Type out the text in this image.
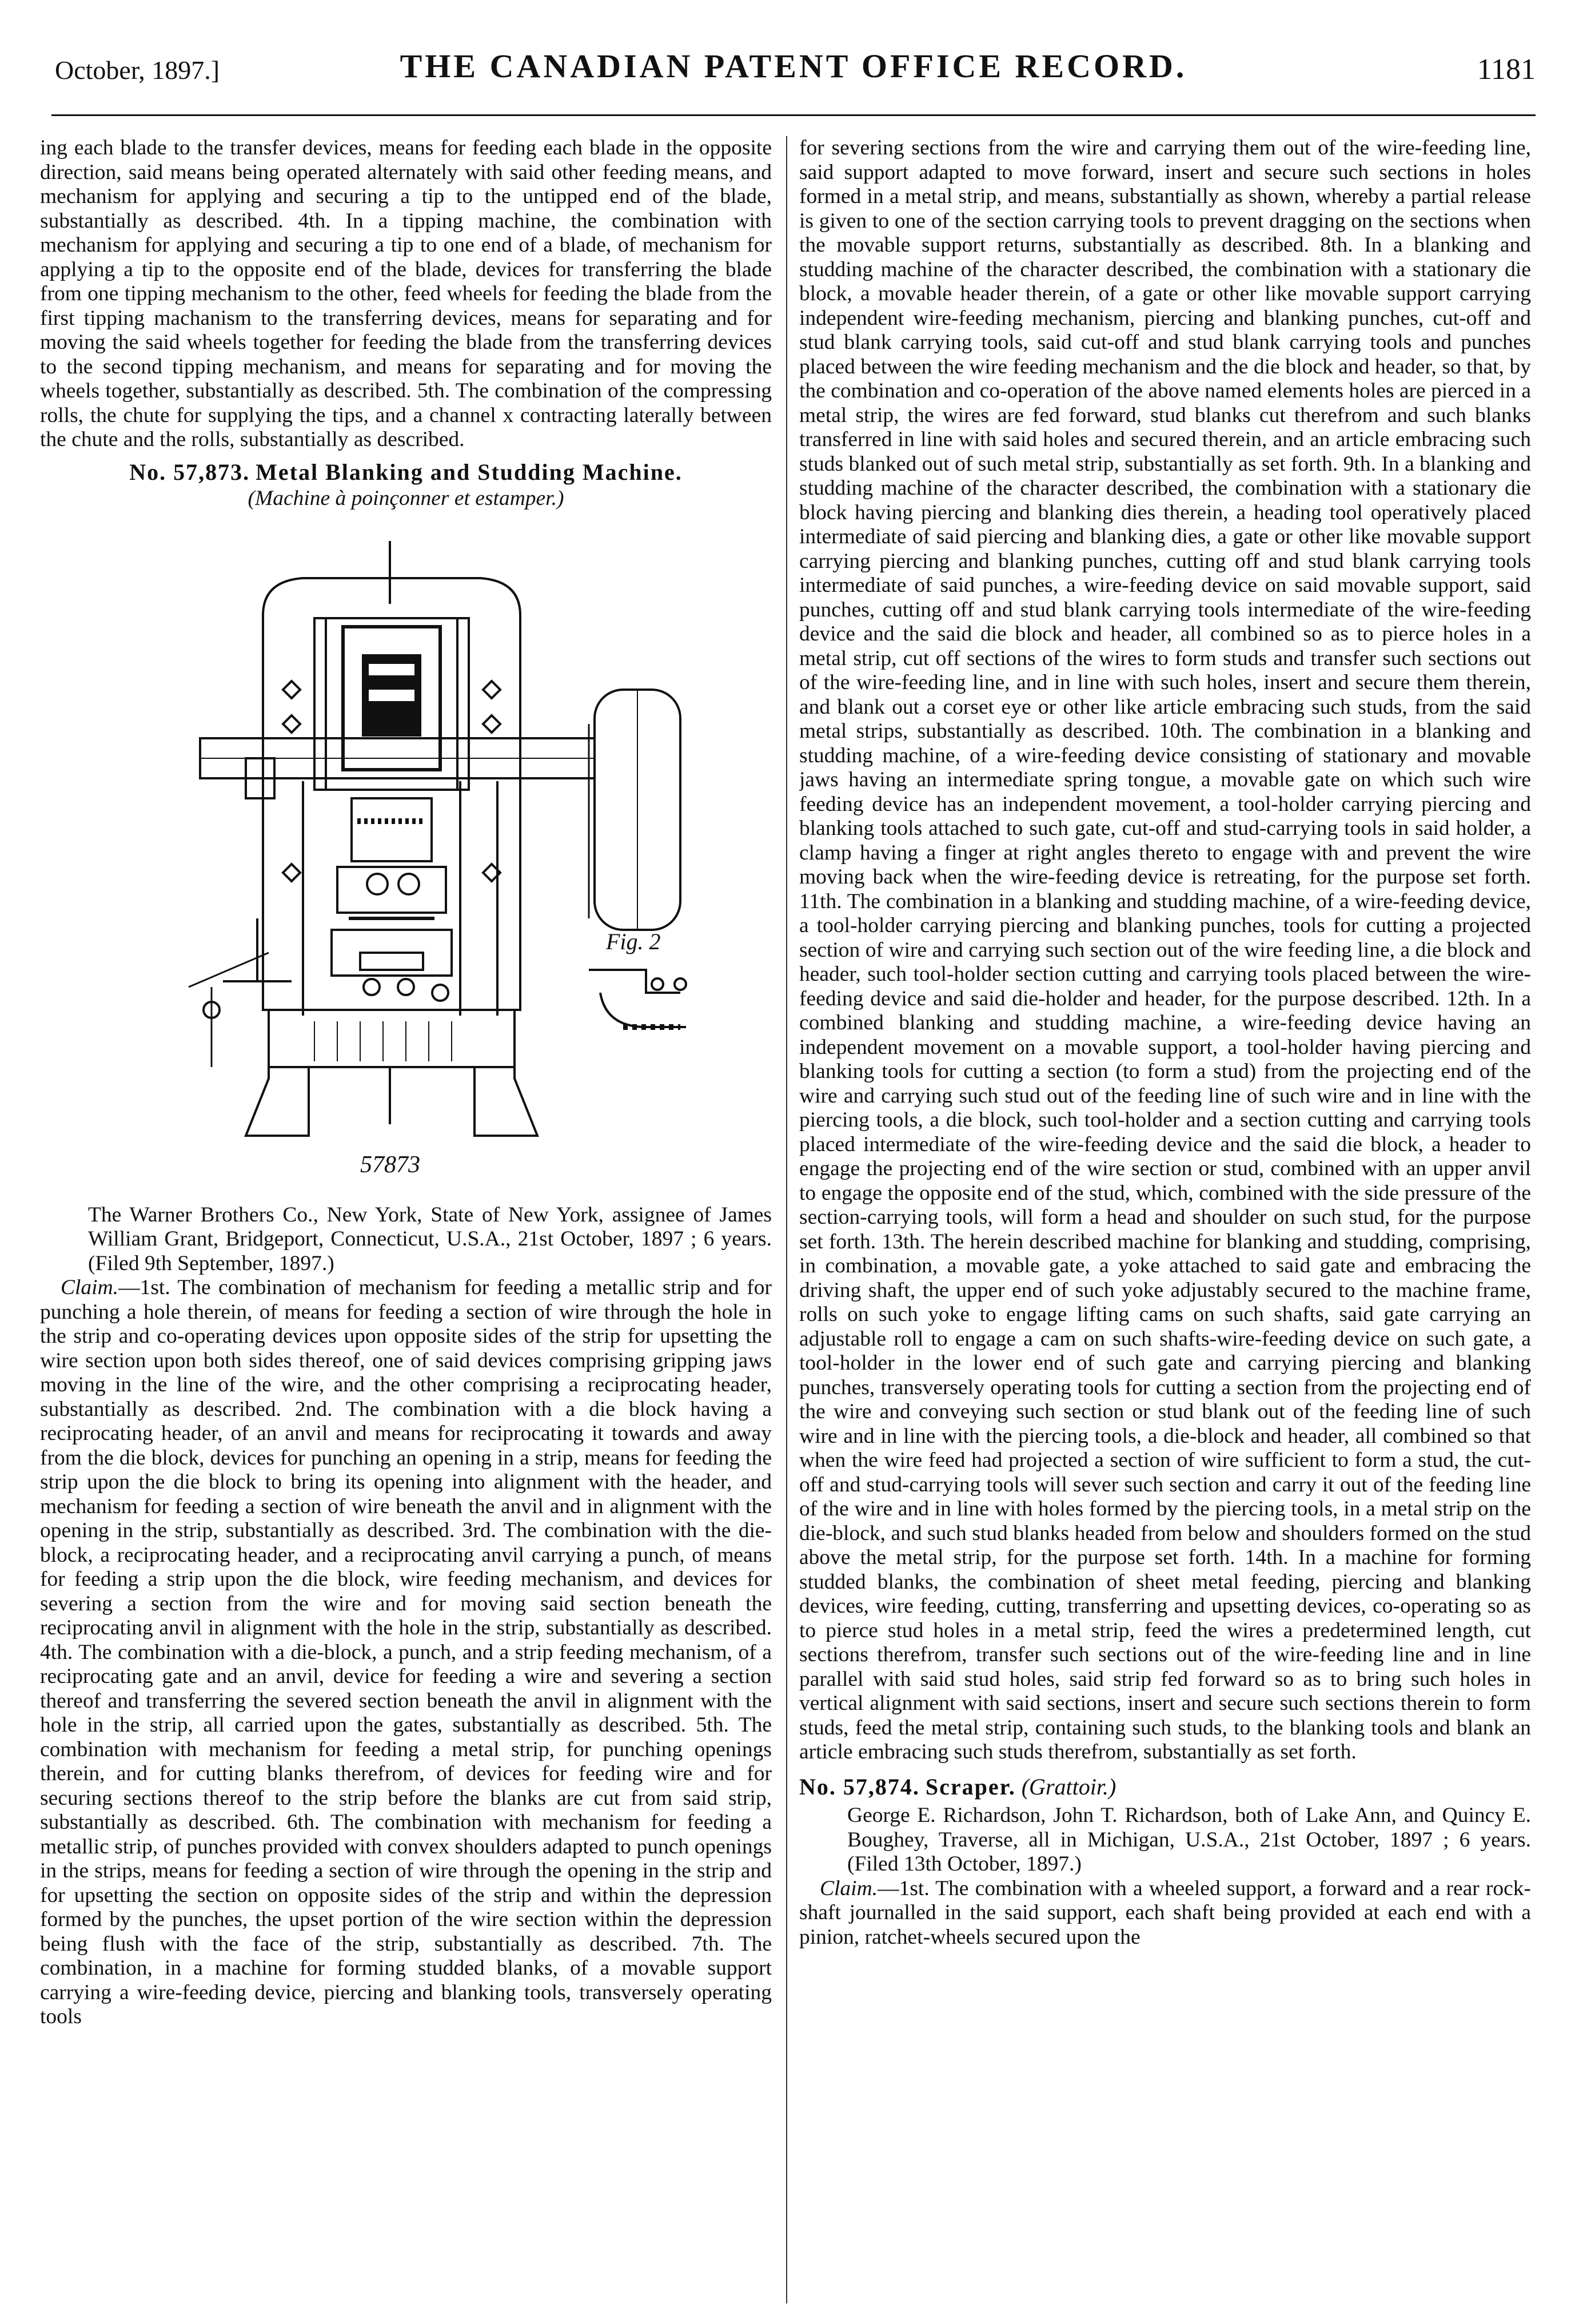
October, 1897.]	THE CANADIAN PATENT OFFICE RECORD.	1181

ing each blade to the transfer devices, means for feeding each blade in the opposite direction, said means being operated alternately with said other feeding means, and mechanism for applying and securing a tip to the untipped end of the blade, substantially as described. 4th. In a tipping machine, the combination with mechanism for applying and securing a tip to one end of a blade, of mechanism for applying a tip to the opposite end of the blade, devices for transferring the blade from one tipping mechanism to the other, feed wheels for feeding the blade from the first tipping machanism to the transferring devices, means for separating and for moving the said wheels together for feeding the blade from the transferring devices to the second tipping mechanism, and means for separating and for moving the wheels together, substantially as described. 5th. The combination of the compressing rolls, the chute for supplying the tips, and a channel x contracting laterally between the chute and the rolls, substantially as described.

No. 57,873. Metal Blanking and Studding Machine.
(Machine à poinçonner et estamper.)
57873
Fig. 2

The Warner Brothers Co., New York, State of New York, assignee of James William Grant, Bridgeport, Connecticut, U.S.A., 21st October, 1897 ; 6 years. (Filed 9th September, 1897.)

Claim.—1st. The combination of mechanism for feeding a metallic strip and for punching a hole therein, of means for feeding a section of wire through the hole in the strip and co-operating devices upon opposite sides of the strip for upsetting the wire section upon both sides thereof, one of said devices comprising gripping jaws moving in the line of the wire, and the other comprising a reciprocating header, substantially as described. 2nd. The combination with a die block having a reciprocating header, of an anvil and means for reciprocating it towards and away from the die block, devices for punching an opening in a strip, means for feeding the strip upon the die block to bring its opening into alignment with the header, and mechanism for feeding a section of wire beneath the anvil and in alignment with the opening in the strip, substantially as described. 3rd. The combination with the die-block, a reciprocating header, and a reciprocating anvil carrying a punch, of means for feeding a strip upon the die block, wire feeding mechanism, and devices for severing a section from the wire and for moving said section beneath the reciprocating anvil in alignment with the hole in the strip, substantially as described. 4th. The combination with a die-block, a punch, and a strip feeding mechanism, of a reciprocating gate and an anvil, device for feeding a wire and severing a section thereof and transferring the severed section beneath the anvil in alignment with the hole in the strip, all carried upon the gates, substantially as described. 5th. The combination with mechanism for feeding a metal strip, for punching openings therein, and for cutting blanks therefrom, of devices for feeding wire and for securing sections thereof to the strip before the blanks are cut from said strip, substantially as described. 6th. The combination with mechanism for feeding a metallic strip, of punches provided with convex shoulders adapted to punch openings in the strips, means for feeding a section of wire through the opening in the strip and for upsetting the section on opposite sides of the strip and within the depression formed by the punches, the upset portion of the wire section within the depression being flush with the face of the strip, substantially as described. 7th. The combination, in a machine for forming studded blanks, of a movable support carrying a wire-feeding device, piercing and blanking tools, transversely operating tools

for severing sections from the wire and carrying them out of the wire-feeding line, said support adapted to move forward, insert and secure such sections in holes formed in a metal strip, and means, substantially as shown, whereby a partial release is given to one of the section carrying tools to prevent dragging on the sections when the movable support returns, substantially as described. 8th. In a blanking and studding machine of the character described, the combination with a stationary die block, a movable header therein, of a gate or other like movable support carrying independent wire-feeding mechanism, piercing and blanking punches, cut-off and stud blank carrying tools, said cut-off and stud blank carrying tools and punches placed between the wire feeding mechanism and the die block and header, so that, by the combination and co-operation of the above named elements holes are pierced in a metal strip, the wires are fed forward, stud blanks cut therefrom and such blanks transferred in line with said holes and secured therein, and an article embracing such studs blanked out of such metal strip, substantially as set forth. 9th. In a blanking and studding machine of the character described, the combination with a stationary die block having piercing and blanking dies therein, a heading tool operatively placed intermediate of said piercing and blanking dies, a gate or other like movable support carrying piercing and blanking punches, cutting off and stud blank carrying tools intermediate of said punches, a wire-feeding device on said movable support, said punches, cutting off and stud blank carrying tools intermediate of the wire-feeding device and the said die block and header, all combined so as to pierce holes in a metal strip, cut off sections of the wires to form studs and transfer such sections out of the wire-feeding line, and in line with such holes, insert and secure them therein, and blank out a corset eye or other like article embracing such studs, from the said metal strips, substantially as described. 10th. The combination in a blanking and studding machine, of a wire-feeding device consisting of stationary and movable jaws having an intermediate spring tongue, a movable gate on which such wire feeding device has an independent movement, a tool-holder carrying piercing and blanking tools attached to such gate, cut-off and stud-carrying tools in said holder, a clamp having a finger at right angles thereto to engage with and prevent the wire moving back when the wire-feeding device is retreating, for the purpose set forth. 11th. The combination in a blanking and studding machine, of a wire-feeding device, a tool-holder carrying piercing and blanking punches, tools for cutting a projected section of wire and carrying such section out of the wire feeding line, a die block and header, such tool-holder section cutting and carrying tools placed between the wire-feeding device and said die-holder and header, for the purpose described. 12th. In a combined blanking and studding machine, a wire-feeding device having an independent movement on a movable support, a tool-holder having piercing and blanking tools for cutting a section (to form a stud) from the projecting end of the wire and carrying such stud out of the feeding line of such wire and in line with the piercing tools, a die block, such tool-holder and a section cutting and carrying tools placed intermediate of the wire-feeding device and the said die block, a header to engage the projecting end of the wire section or stud, combined with an upper anvil to engage the opposite end of the stud, which, combined with the side pressure of the section-carrying tools, will form a head and shoulder on such stud, for the purpose set forth. 13th. The herein described machine for blanking and studding, comprising, in combination, a movable gate, a yoke attached to said gate and embracing the driving shaft, the upper end of such yoke adjustably secured to the machine frame, rolls on such yoke to engage lifting cams on such shafts, said gate carrying an adjustable roll to engage a cam on such shafts-wire-feeding device on such gate, a tool-holder in the lower end of such gate and carrying piercing and blanking punches, transversely operating tools for cutting a section from the projecting end of the wire and conveying such section or stud blank out of the feeding line of such wire and in line with the piercing tools, a die-block and header, all combined so that when the wire feed had projected a section of wire sufficient to form a stud, the cut-off and stud-carrying tools will sever such section and carry it out of the feeding line of the wire and in line with holes formed by the piercing tools, in a metal strip on the die-block, and such stud blanks headed from below and shoulders formed on the stud above the metal strip, for the purpose set forth. 14th. In a machine for forming studded blanks, the combination of sheet metal feeding, piercing and blanking devices, wire feeding, cutting, transferring and upsetting devices, co-operating so as to pierce stud holes in a metal strip, feed the wires a predetermined length, cut sections therefrom, transfer such sections out of the wire-feeding line and in line parallel with said stud holes, said strip fed forward so as to bring such holes in vertical alignment with said sections, insert and secure such sections therein to form studs, feed the metal strip, containing such studs, to the blanking tools and blank an article embracing such studs therefrom, substantially as set forth.

No. 57,874. Scraper. (Grattoir.)

George E. Richardson, John T. Richardson, both of Lake Ann, and Quincy E. Boughey, Traverse, all in Michigan, U.S.A., 21st October, 1897 ; 6 years. (Filed 13th October, 1897.)

Claim.—1st. The combination with a wheeled support, a forward and a rear rock-shaft journalled in the said support, each shaft being provided at each end with a pinion, ratchet-wheels secured upon the
